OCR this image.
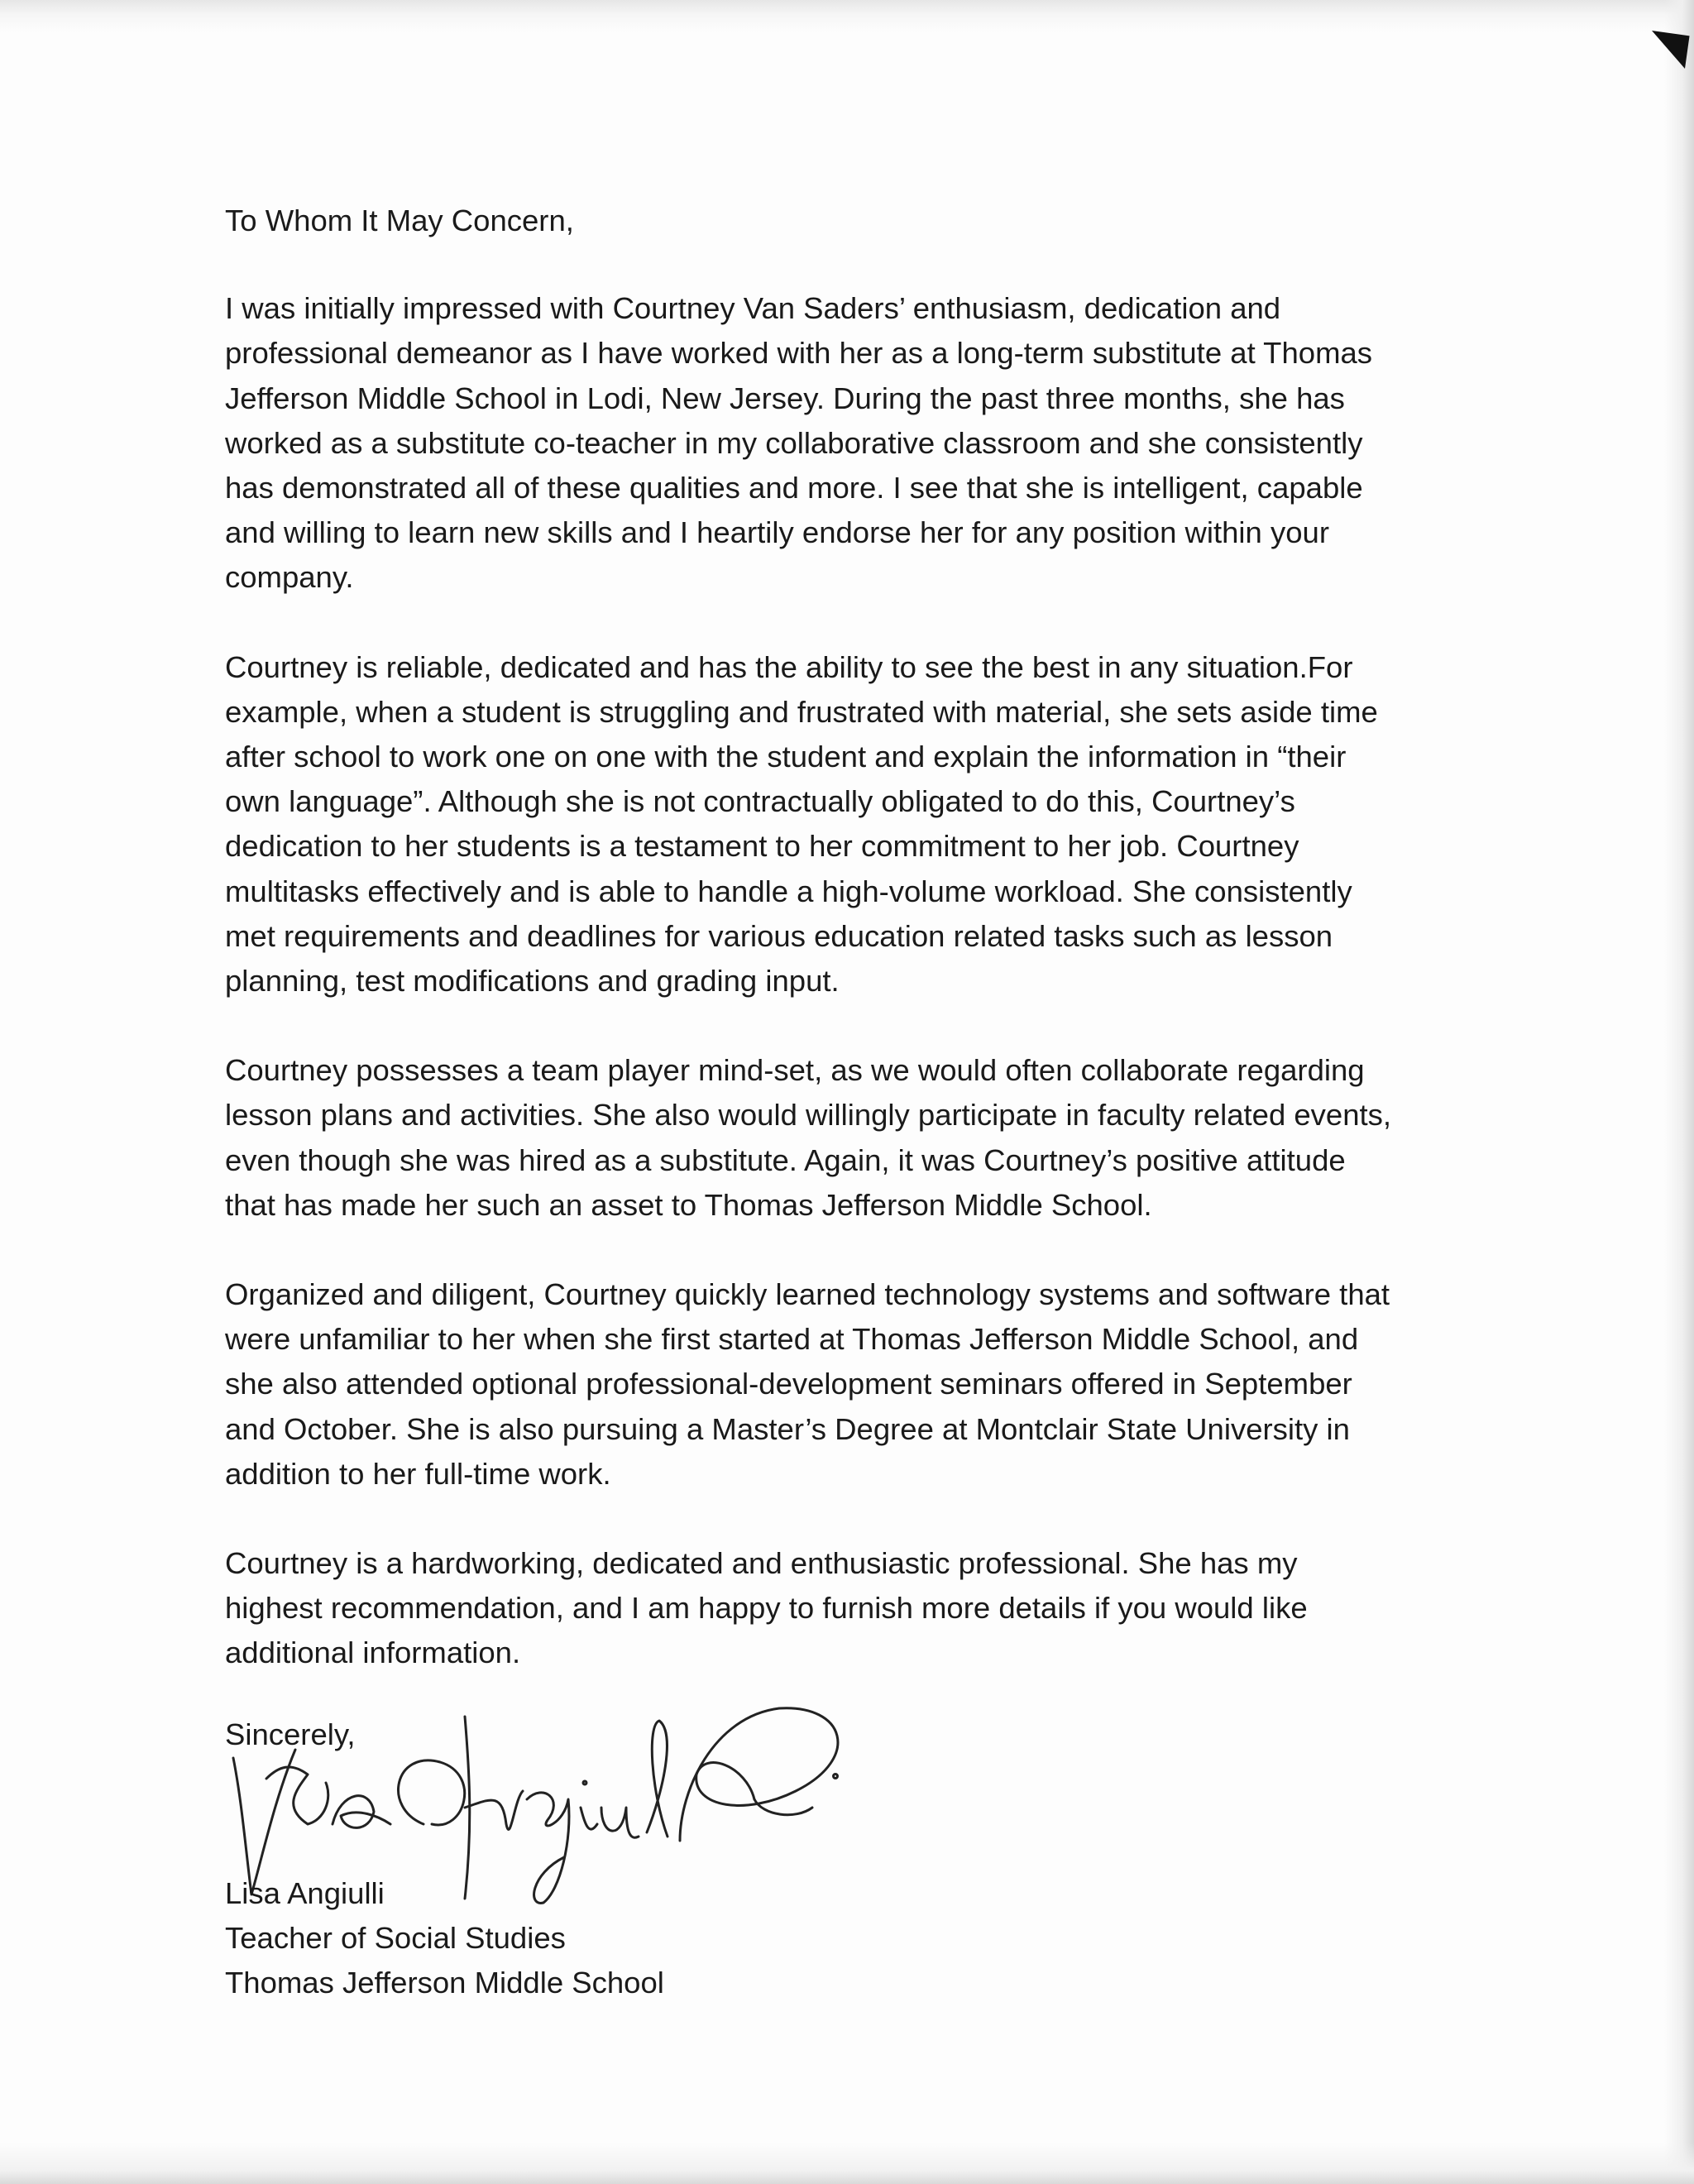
To Whom It May Concern,

I was initially impressed with Courtney Van Saders’ enthusiasm, dedication and
professional demeanor as I have worked with her as a long-term substitute at Thomas
Jefferson Middle School in Lodi, New Jersey. During the past three months, she has
worked as a substitute co-teacher in my collaborative classroom and she consistently
has demonstrated all of these qualities and more. I see that she is intelligent, capable
and willing to learn new skills and I heartily endorse her for any position within your
company.

Courtney is reliable, dedicated and has the ability to see the best in any situation.For
example, when a student is struggling and frustrated with material, she sets aside time
after school to work one on one with the student and explain the information in “their
own language”. Although she is not contractually obligated to do this, Courtney’s
dedication to her students is a testament to her commitment to her job. Courtney
multitasks effectively and is able to handle a high-volume workload. She consistently
met requirements and deadlines for various education related tasks such as lesson
planning, test modifications and grading input.

Courtney possesses a team player mind-set, as we would often collaborate regarding
lesson plans and activities. She also would willingly participate in faculty related events,
even though she was hired as a substitute. Again, it was Courtney’s positive attitude
that has made her such an asset to Thomas Jefferson Middle School.

Organized and diligent, Courtney quickly learned technology systems and software that
were unfamiliar to her when she first started at Thomas Jefferson Middle School, and
she also attended optional professional-development seminars offered in September
and October. She is also pursuing a Master’s Degree at Montclair State University in
addition to her full-time work.

Courtney is a hardworking, dedicated and enthusiastic professional. She has my
highest recommendation, and I am happy to furnish more details if you would like
additional information.

Sincerely,
Lisa Angiulli
Teacher of Social Studies
Thomas Jefferson Middle School
